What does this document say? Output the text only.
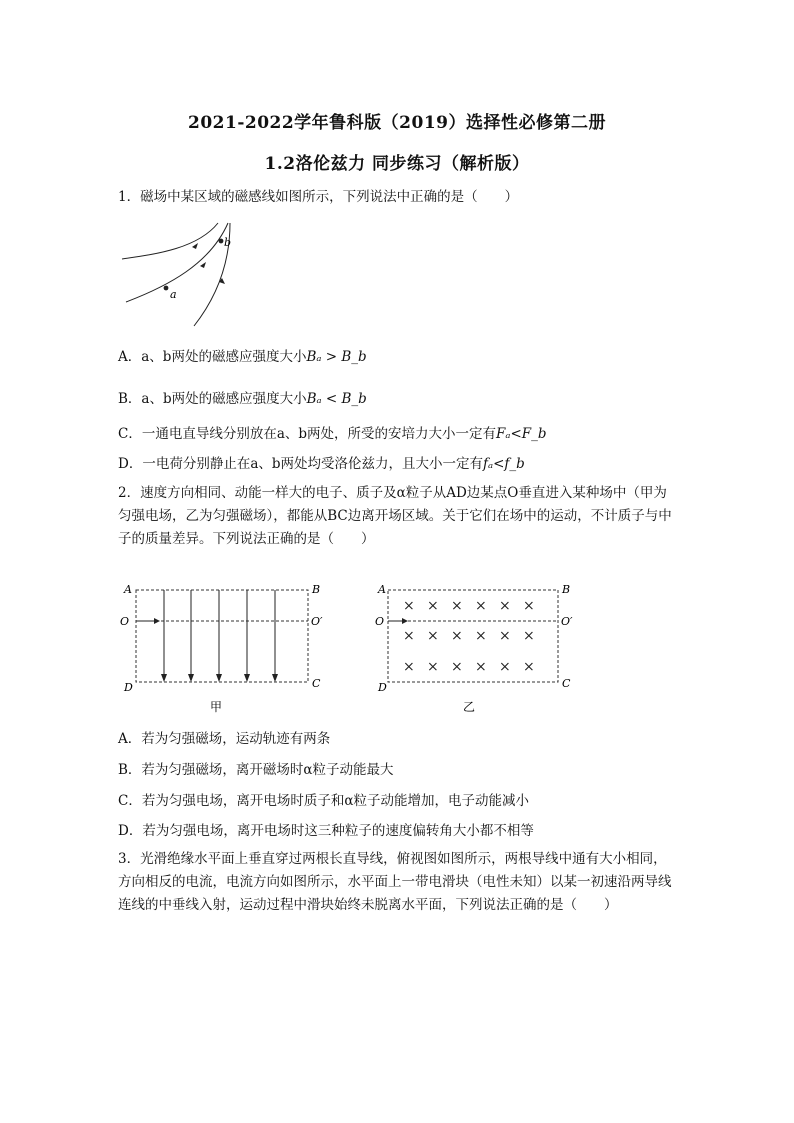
2021-2022学年鲁科版（2019）选择性必修第二册
1.2洛伦兹力 同步练习（解析版）
1．磁场中某区域的磁感线如图所示，下列说法中正确的是（　　）
a
b
A．a、b两处的磁感应强度大小Bₐ > B_b
B．a、b两处的磁感应强度大小Bₐ < B_b
C．一通电直导线分别放在a、b两处，所受的安培力大小一定有Fₐ<F_b
D．一电荷分别静止在a、b两处均受洛伦兹力，且大小一定有fₐ<f_b
2．速度方向相同、动能一样大的电子、质子及α粒子从AD边某点O垂直进入某种场中（甲为匀强电场，乙为匀强磁场），都能从BC边离开场区域。关于它们在场中的运动，不计质子与中子的质量差异。下列说法正确的是（　　）
A	B
O	O′
D	C
甲
× × × × × ×
× × × × × ×
× × × × × ×
A	B
O	O′
D	C
乙
A．若为匀强磁场，运动轨迹有两条
B．若为匀强磁场，离开磁场时α粒子动能最大
C．若为匀强电场，离开电场时质子和α粒子动能增加，电子动能减小
D．若为匀强电场，离开电场时这三种粒子的速度偏转角大小都不相等
3．光滑绝缘水平面上垂直穿过两根长直导线，俯视图如图所示，两根导线中通有大小相同，方向相反的电流，电流方向如图所示，水平面上一带电滑块（电性未知）以某一初速沿两导线连线的中垂线入射，运动过程中滑块始终未脱离水平面，下列说法正确的是（　　）
